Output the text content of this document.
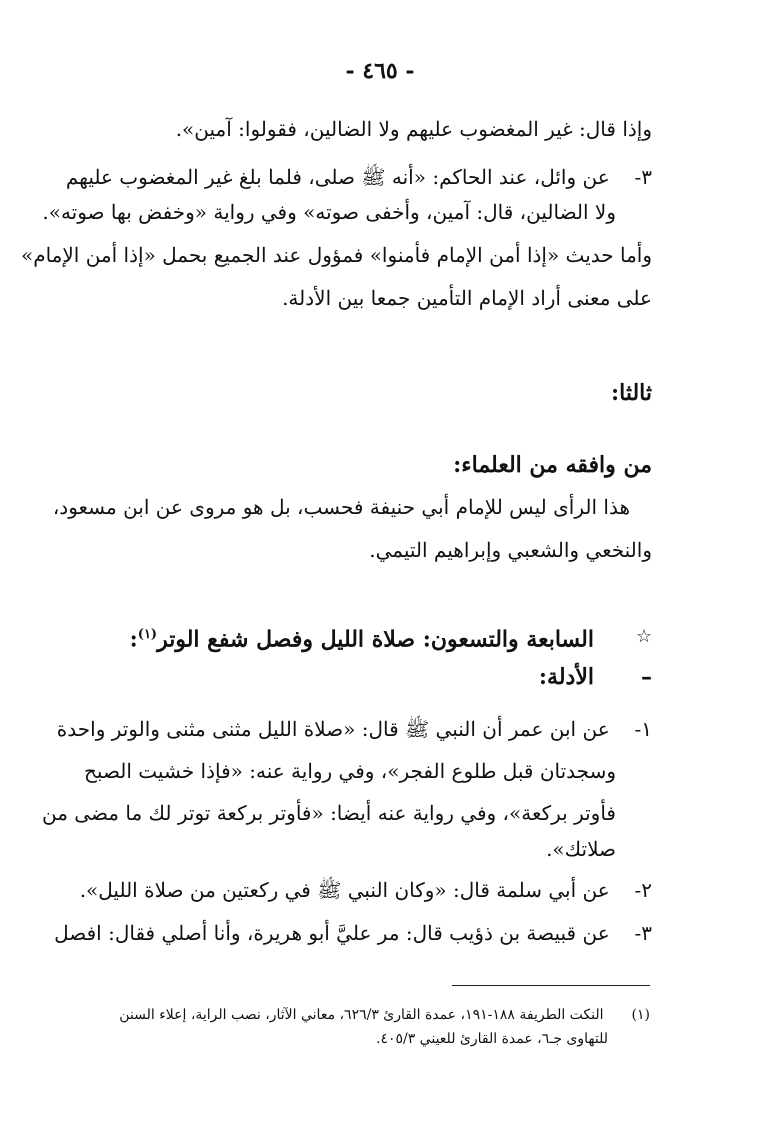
- ٤٦٥ -
وإذا قال: غير المغضوب عليهم ولا الضالين، فقولوا: آمين».
٣- عن وائل، عند الحاكم: «أنه ﷺ صلى، فلما بلغ غير المغضوب عليهم
ولا الضالين، قال: آمين، وأخفى صوته» وفي رواية «وخفض بها صوته».
وأما حديث «إذا أمن الإمام فأمنوا» فمؤول عند الجميع بحمل «إذا أمن الإمام»
على معنى أراد الإمام التأمين جمعا بين الأدلة.
ثالثا:
من وافقه من العلماء:
هذا الرأى ليس للإمام أبي حنيفة فحسب، بل هو مروى عن ابن مسعود،
والنخعي والشعبي وإبراهيم التيمي.
☆
السابعة والتسعون: صلاة الليل وفصل شفع الوتر$^{(١)}$:
–
الأدلة:
١- عن ابن عمر أن النبي ﷺ قال: «صلاة الليل مثنى مثنى والوتر واحدة
وسجدتان قبل طلوع الفجر»، وفي رواية عنه: «فإذا خشيت الصبح
فأوتر بركعة»، وفي رواية عنه أيضا: «فأوتر بركعة توتر لك ما مضى من
صلاتك».
٢- عن أبي سلمة قال: «وكان النبي ﷺ في ركعتين من صلاة الليل».
٣- عن قبيصة بن ذؤيب قال: مر عليَّ أبو هريرة، وأنا أصلي فقال: افصل
(١) النكت الطريفة ١٨٨-١٩١، عمدة القارئ ٦٢٦/٣، معاني الآثار، نصب الراية، إعلاء السنن
للتهاوى جـ٦، عمدة القارئ للعيني ٤٠٥/٣.
